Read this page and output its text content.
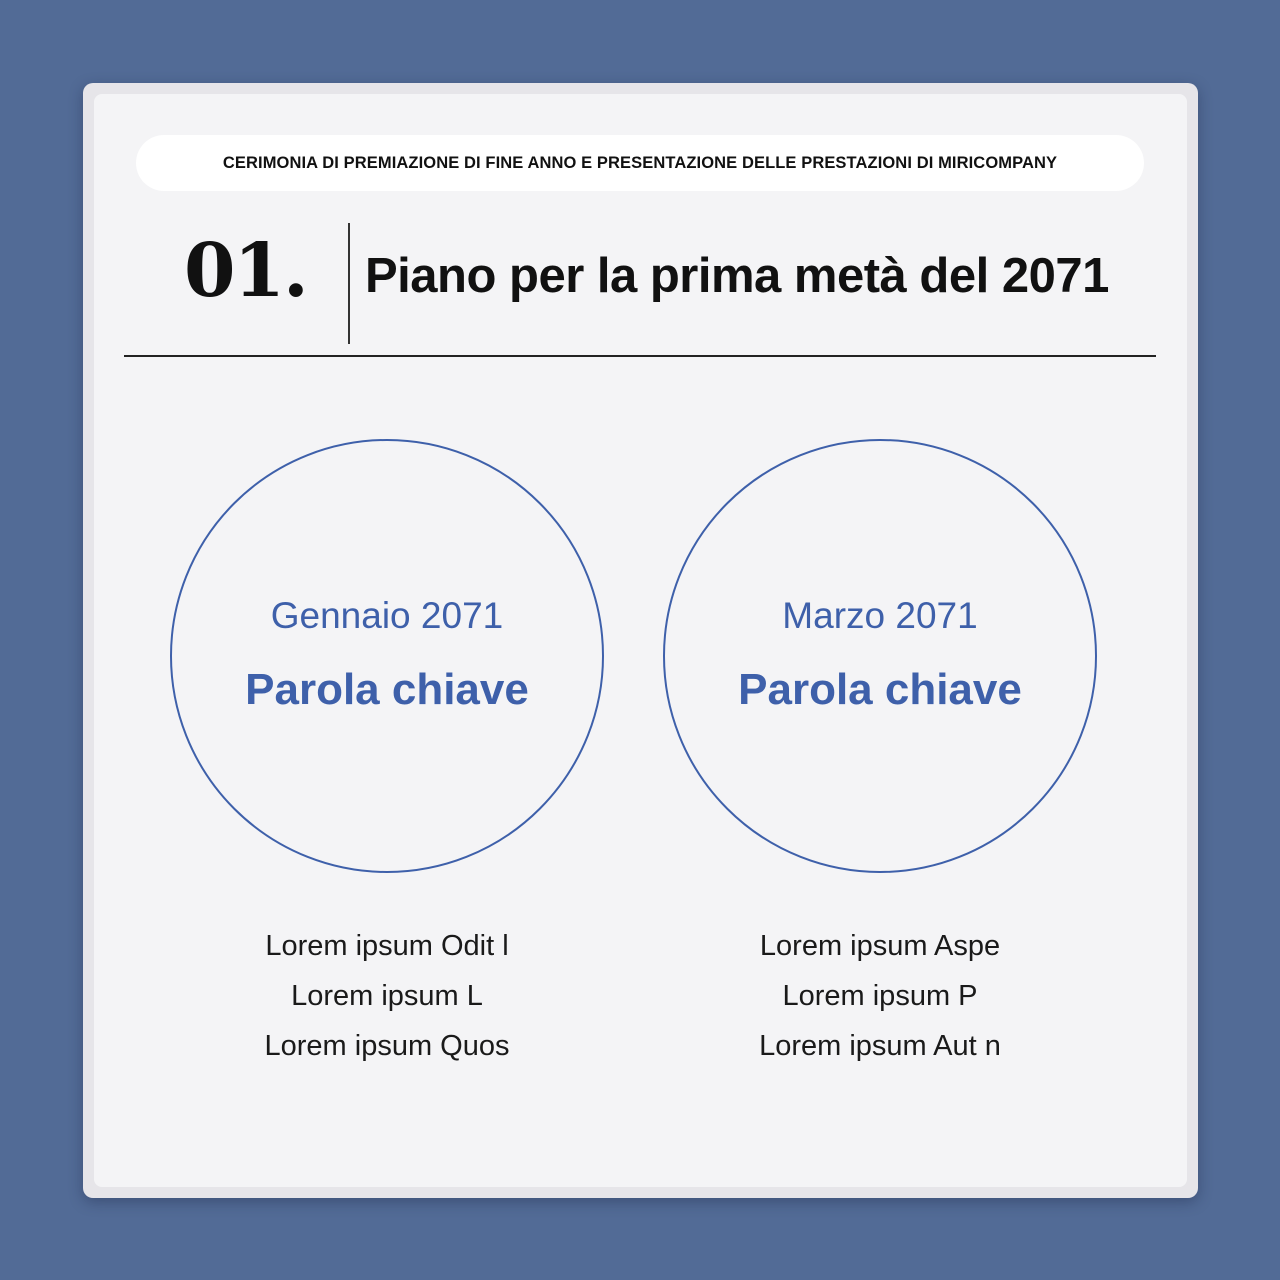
CERIMONIA DI PREMIAZIONE DI FINE ANNO E PRESENTAZIONE DELLE PRESTAZIONI DI MIRICOMPANY
01. Piano per la prima metà del 2071
Gennaio 2071
Parola chiave
Lorem ipsum Odit l
Lorem ipsum L
Lorem ipsum Quos
Marzo 2071
Parola chiave
Lorem ipsum Aspe
Lorem ipsum P
Lorem ipsum Aut n
